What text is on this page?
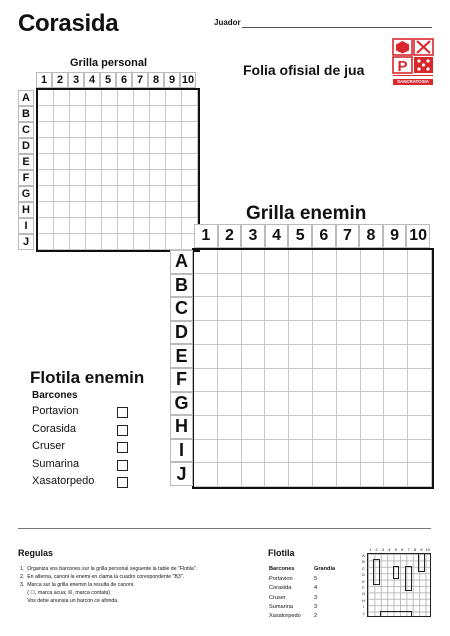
Corasida	Juador
Folia ofisial de jua P
SANCRATOSIA
Grilla personal
1 2 3 4 5 6 7 8 9 10
A
B
C
D
E
F
G
H
I
J
Grilla enemin
1 2 3 4 5 6 7 8 9 10
A
B
C
D
E
F
G
H
I
J
Flotila enemin
Barcones
Portavion
Corasida
Cruser
Sumarina
Xasatorpedo
Regulas
1.  Organiza vos barcones sur la grilla personal seguente la table de "Flotila".
2.  En alterna, canoni la enemi en clama la cuadro corespondente "B3".
3.  Marca sur la grilla enemin la resulta de canoni.
( ☐, marca acua; ☒, marca contata)
Vos debe anunsia un barcon ce afonda.
Flotila
Barcones	Grandia
Portavion	5
Corasida	4
Cruser	3
Sumarina	3
Xasatorpedo 2
1	2	3	4	5	6	7	8	9 10
A
B
C
D
E
F
G
H
I
J
